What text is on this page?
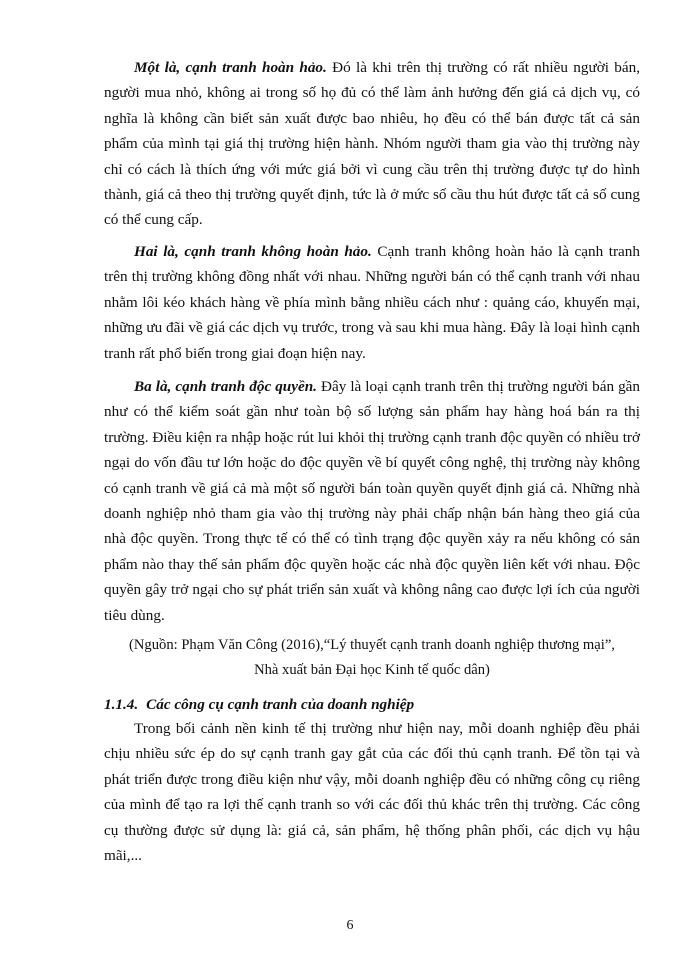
Một là, cạnh tranh hoàn hảo. Đó là khi trên thị trường có rất nhiều người bán, người mua nhỏ, không ai trong số họ đủ có thể làm ảnh hưởng đến giá cả dịch vụ, có nghĩa là không cần biết sản xuất được bao nhiêu, họ đều có thể bán được tất cả sản phẩm của mình tại giá thị trường hiện hành. Nhóm người tham gia vào thị trường này chỉ có cách là thích ứng với mức giá bởi vì cung cầu trên thị trường được tự do hình thành, giá cả theo thị trường quyết định, tức là ở mức số cầu thu hút được tất cả số cung có thể cung cấp.

Hai là, cạnh tranh không hoàn hảo. Cạnh tranh không hoàn hảo là cạnh tranh trên thị trường không đồng nhất với nhau. Những người bán có thể cạnh tranh với nhau nhằm lôi kéo khách hàng về phía mình bằng nhiều cách như : quảng cáo, khuyến mại, những ưu đãi về giá các dịch vụ trước, trong và sau khi mua hàng. Đây là loại hình cạnh tranh rất phổ biến trong giai đoạn hiện nay.

Ba là, cạnh tranh độc quyền. Đây là loại cạnh tranh trên thị trường người bán gần như có thể kiểm soát gần như toàn bộ số lượng sản phẩm hay hàng hoá bán ra thị trường. Điều kiện ra nhập hoặc rút lui khỏi thị trường cạnh tranh độc quyền có nhiều trở ngại do vốn đầu tư lớn hoặc do độc quyền về bí quyết công nghệ, thị trường này không có cạnh tranh về giá cả mà một số người bán toàn quyền quyết định giá cả. Những nhà doanh nghiệp nhỏ tham gia vào thị trường này phải chấp nhận bán hàng theo giá của nhà độc quyền. Trong thực tế có thể có tình trạng độc quyền xảy ra nếu không có sản phẩm nào thay thế sản phẩm độc quyền hoặc các nhà độc quyền liên kết với nhau. Độc quyền gây trở ngại cho sự phát triển sản xuất và không nâng cao được lợi ích của người tiêu dùng.

(Nguồn: Phạm Văn Công (2016),“Lý thuyết cạnh tranh doanh nghiệp thương mại”,
Nhà xuất bản Đại học Kinh tế quốc dân)

1.1.4. Các công cụ cạnh tranh của doanh nghiệp

Trong bối cảnh nền kinh tế thị trường như hiện nay, mỗi doanh nghiệp đều phải chịu nhiều sức ép do sự cạnh tranh gay gắt của các đối thủ cạnh tranh. Để tồn tại và phát triển được trong điều kiện như vậy, mỗi doanh nghiệp đều có những công cụ riêng của mình để tạo ra lợi thế cạnh tranh so với các đối thủ khác trên thị trường. Các công cụ thường được sử dụng là: giá cả, sản phẩm, hệ thống phân phối, các dịch vụ hậu mãi,...

6
